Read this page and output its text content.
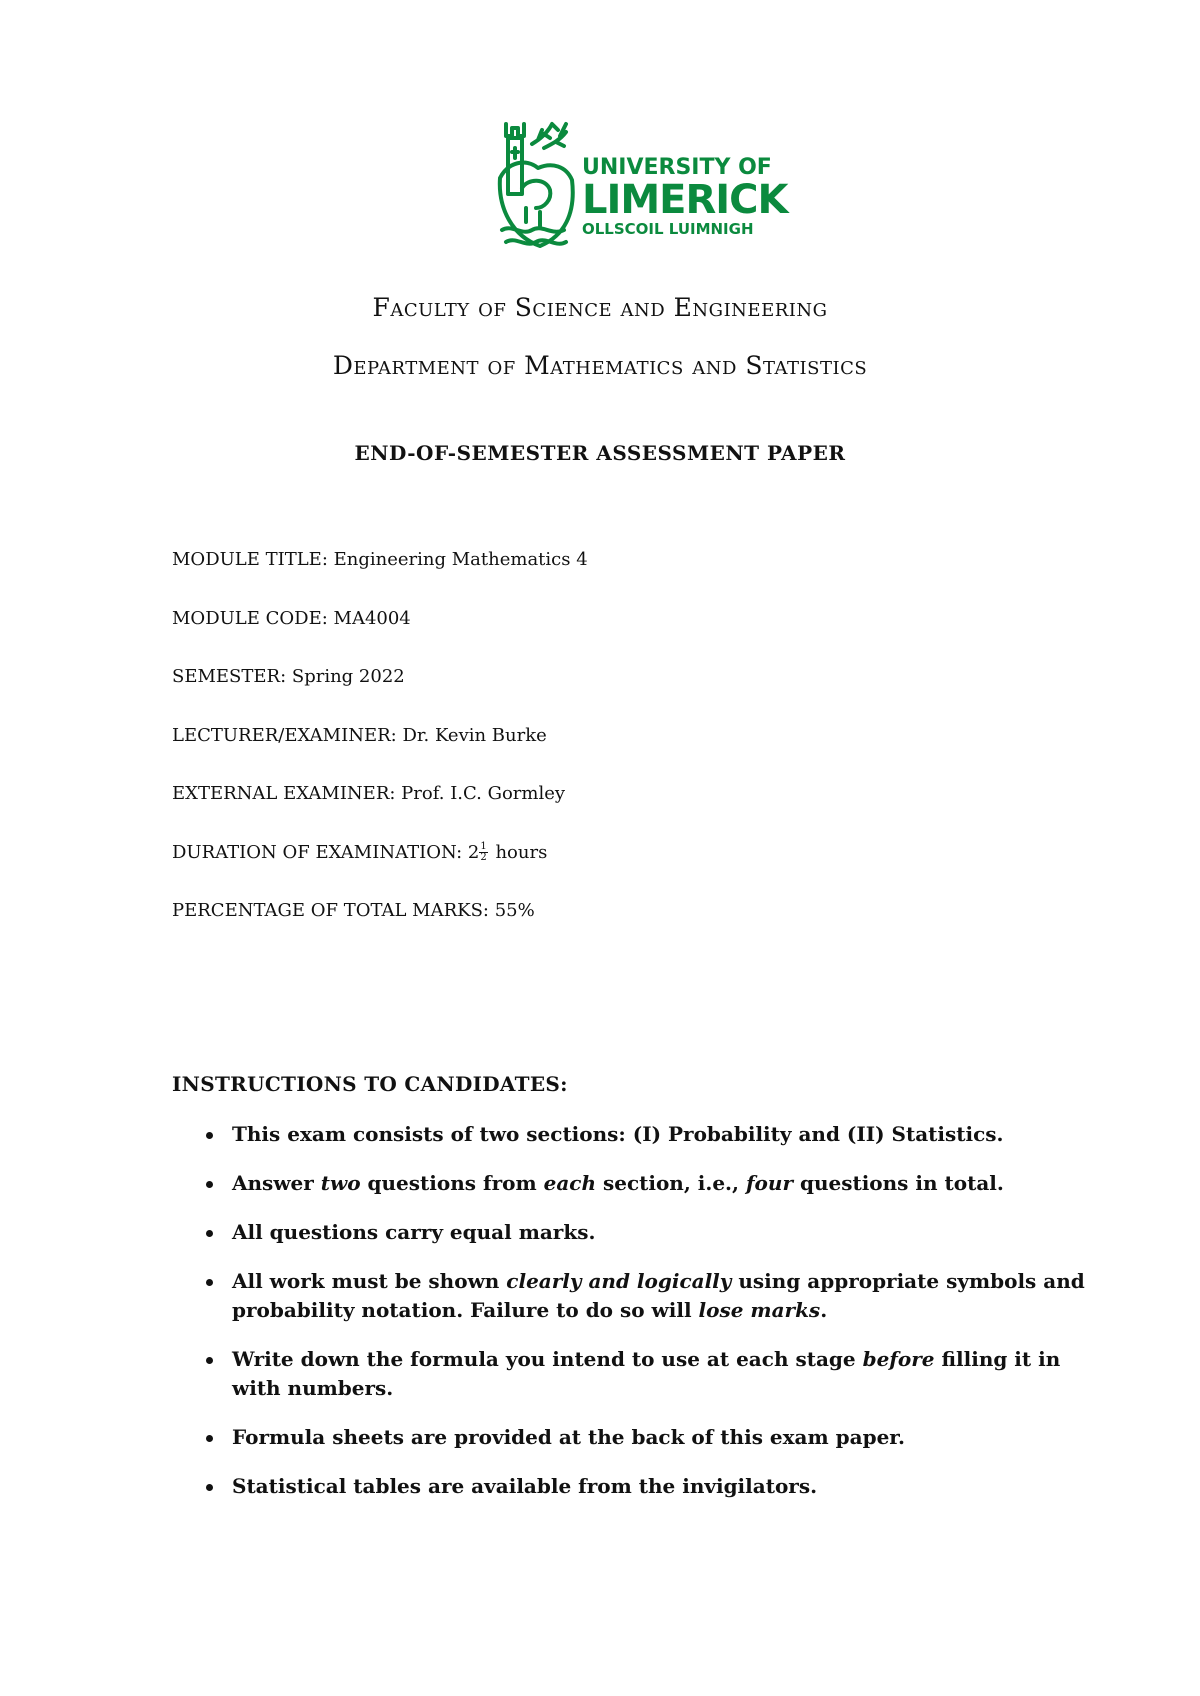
UNIVERSITY OF
LIMERICK
OLLSCOIL LUIMNIGH
Faculty of Science and Engineering
Department of Mathematics and Statistics
END-OF-SEMESTER ASSESSMENT PAPER
MODULE TITLE: Engineering Mathematics 4
MODULE CODE: MA4004
SEMESTER: Spring 2022
LECTURER/EXAMINER: Dr. Kevin Burke
EXTERNAL EXAMINER: Prof. I.C. Gormley
DURATION OF EXAMINATION: $2 \frac{1}{2}$ hours
PERCENTAGE OF TOTAL MARKS: 55%
INSTRUCTIONS TO CANDIDATES:
This exam consists of two sections: (I) Probability and (II) Statistics.
Answer two questions from each section, i.e., four questions in total.
All questions carry equal marks.
All work must be shown clearly and logically using appropriate symbols and probability notation. Failure to do so will lose marks.
Write down the formula you intend to use at each stage before filling it in with numbers.
Formula sheets are provided at the back of this exam paper.
Statistical tables are available from the invigilators.
